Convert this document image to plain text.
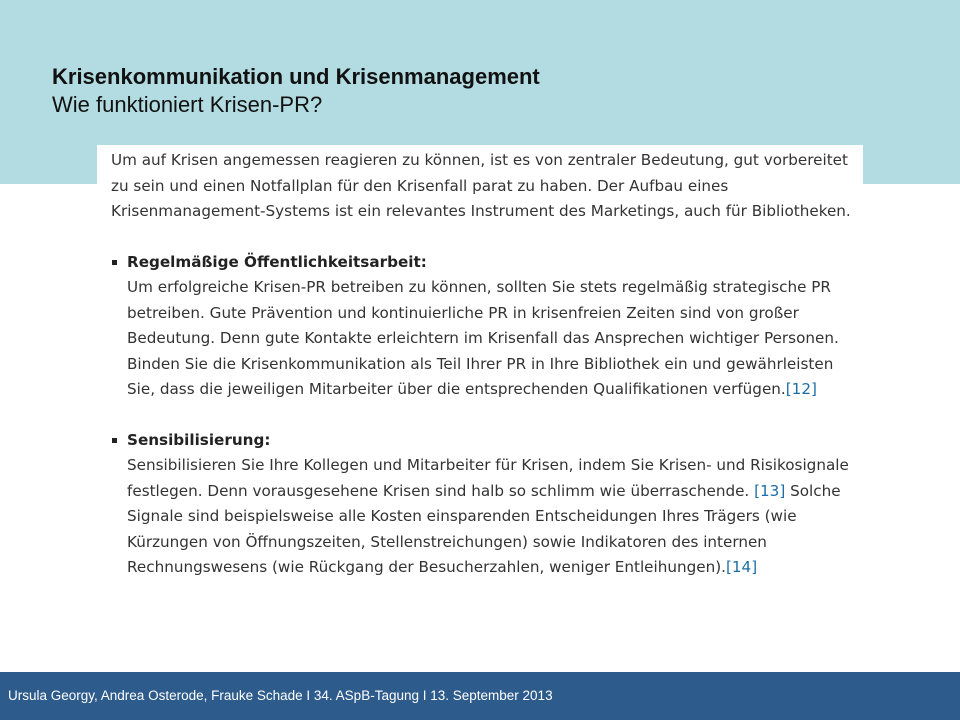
Krisenkommunikation und Krisenmanagement
Wie funktioniert Krisen-PR?
Um auf Krisen angemessen reagieren zu können, ist es von zentraler Bedeutung, gut vorbereitet zu sein und einen Notfallplan für den Krisenfall parat zu haben. Der Aufbau eines Krisenmanagement-Systems ist ein relevantes Instrument des Marketings, auch für Bibliotheken.
Regelmäßige Öffentlichkeitsarbeit:
Um erfolgreiche Krisen-PR betreiben zu können, sollten Sie stets regelmäßig strategische PR betreiben. Gute Prävention und kontinuierliche PR in krisenfreien Zeiten sind von großer Bedeutung. Denn gute Kontakte erleichtern im Krisenfall das Ansprechen wichtiger Personen. Binden Sie die Krisenkommunikation als Teil Ihrer PR in Ihre Bibliothek ein und gewährleisten Sie, dass die jeweiligen Mitarbeiter über die entsprechenden Qualifikationen verfügen.[12]
Sensibilisierung:
Sensibilisieren Sie Ihre Kollegen und Mitarbeiter für Krisen, indem Sie Krisen- und Risikosignale festlegen. Denn vorausgesehene Krisen sind halb so schlimm wie überraschende. [13] Solche Signale sind beispielsweise alle Kosten einsparenden Entscheidungen Ihres Trägers (wie Kürzungen von Öffnungszeiten, Stellenstreichungen) sowie Indikatoren des internen Rechnungswesens (wie Rückgang der Besucherzahlen, weniger Entleihungen).[14]
Ursula Georgy, Andrea Osterode, Frauke Schade I 34. ASpB-Tagung I 13. September 2013
